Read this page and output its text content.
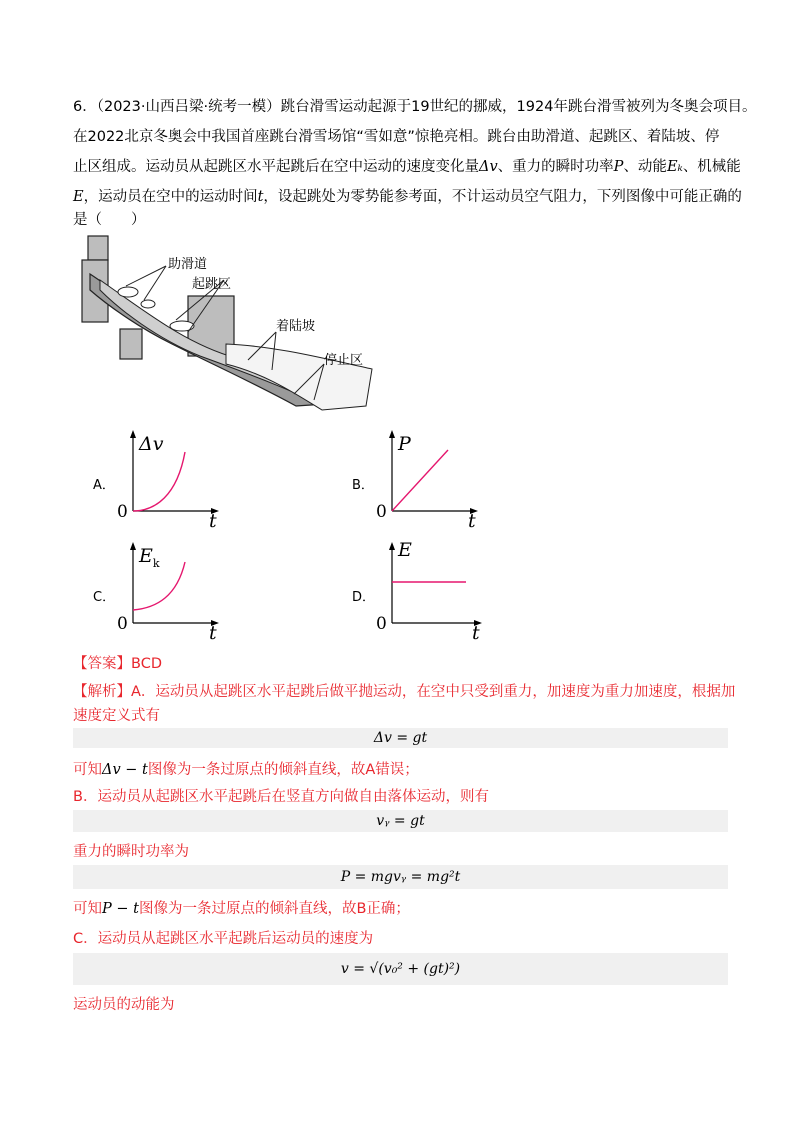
6．（2023·山西吕梁·统考一模）跳台滑雪运动起源于19世纪的挪威，1924年跳台滑雪被列为冬奥会项目。
在2022北京冬奥会中我国首座跳台滑雪场馆“雪如意”惊艳亮相。跳台由助滑道、起跳区、着陆坡、停
止区组成。运动员从起跳区水平起跳后在空中运动的速度变化量Δv、重力的瞬时功率P、动能Eₖ、机械能
E，运动员在空中的运动时间t，设起跳处为零势能参考面，不计运动员空气阻力，下列图像中可能正确的
是（　　）
助滑道
起跳区
着陆坡
停止区
A．
Δv
t
0
B．
P
t
0
C．
$E_k$
t
0
D．
E
t
0
【答案】BCD
【解析】A．运动员从起跳区水平起跳后做平抛运动，在空中只受到重力，加速度为重力加速度，根据加
速度定义式有
Δv = gt
可知Δv − t图像为一条过原点的倾斜直线，故A错误；
B．运动员从起跳区水平起跳后在竖直方向做自由落体运动，则有
vᵧ = gt
重力的瞬时功率为
P = mgvᵧ = mg²t
可知P − t图像为一条过原点的倾斜直线，故B正确；
C．运动员从起跳区水平起跳后运动员的速度为
v = √(v₀² + (gt)²)
运动员的动能为
